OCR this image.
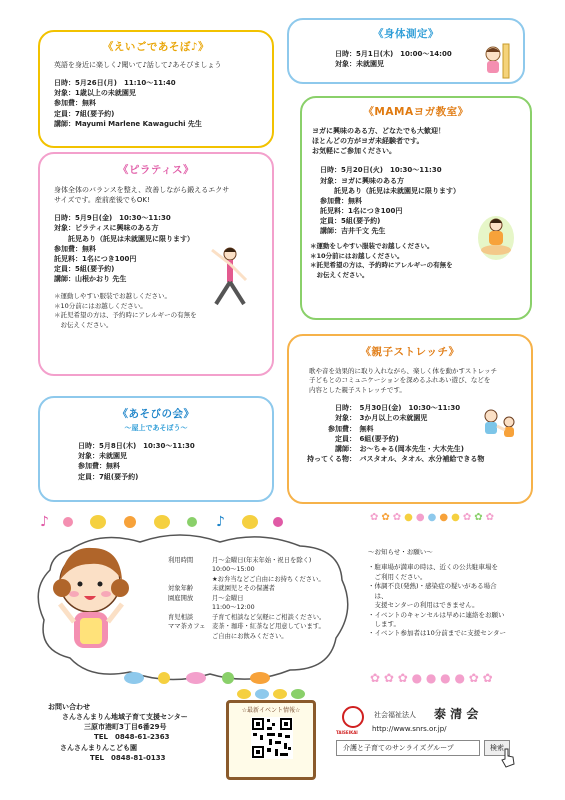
《えいごであそぼ♪》
英語を身近に楽しく♪聞いて♪話して♪あそびましょう
日時：5月26日(月)　11:10～11:40
対象：1歳以上の未就園児
参加費：無料
定員：7組(要予約)
講師：Mayumi Marlene Kawaguchi 先生
《身体測定》
日時：5月1日(木)　10:00～14:00
対象：未就園児
《ピラティス》
身体全体のバランスを整え、改善しながら鍛えるエクサ
サイズです。産前産後でもOK!
日時：5月9日(金)　10:30～11:30
対象：ピラティスに興味のある方
　　託児あり（託児は未就園児に限ります）
参加費：無料
託児料：1名につき100円
定員：5組(要予約)
講師：山根かおり 先生
＊運動しやすい服装でお越しください。
＊10分前にはお越しください。
＊託児希望の方は、予約時にアレルギーの有無を
　お伝えください。
《MAMAヨガ教室》
ヨガに興味のある方、どなたでも大歓迎！
ほとんどの方がヨガ未経験者です。
お気軽にご参加ください。
日時：5月20日(火)　10:30～11:30
対象：ヨガに興味のある方
　　託児あり（託児は未就園児に限ります）
参加費：無料
託児料：1名につき100円
定員：5組(要予約)
講師：吉井千文 先生
＊運動をしやすい服装でお越しください。
＊10分前にはお越しください。
＊託児希望の方は、予約時にアレルギーの有無を
　お伝えください。
《あそびの会》
～屋上であそぼう～
日時：5月8日(木)　10:30～11:30
対象：未就園児
参加費：無料
定員：7組(要予約)
《親子ストレッチ》
歌や音を効果的に取り入れながら、楽しく体を動かすストレッチ
子どもとのコミュニケーションを深めるふれあい遊び、などを
内容とした親子ストレッチです。
日時 ：　5月30日(金)　10:30～11:30
対象 ：　3か月以上の未就園児
参加費 ：　無料
定員 ：　6組(要予約)
講師 ：　お～ちゃる(岡本先生・大木先生)
持ってくる物 ：　バスタオル、タオル、水分補給できる物
♪	♪	✿ ✿ ✿ ● ● ● ● ● ✿ ✿ ✿
利用時間	月～金曜日(年末年始・祝日を除く)
10:00～15:00
★お弁当などご自由にお持ちください。
対象年齢	未就園児とその保護者
園庭開放	月～金曜日
11:00～12:00
育児相談	子育て相談など気軽にご相談ください。
ママ茶カフェ	麦茶・珈琲・紅茶など用意しています。
ご自由にお飲みください。
～お知らせ・お願い～
・駐車場が満車の時は、近くの公共駐車場を
　ご利用ください。
・体調不良(発熱)・感染症の疑いがある場合
　は、
　支援センターの利用はできません。
・イベントのキャンセルは早めに連絡をお願い
　します。
・イベント参加者は10分前までに支援センター
✿ ✿ ✿ ● ● ● ● ✿ ✿
お問い合わせ
さんさんまりん地域子育て支援センター
三原市港町3丁目6番29号
TEL　0848-61-2363
さんさんまりんこども園
TEL　0848-81-0133
☆最新イベント情報☆
TAISEIKAI
社会福祉法人 泰 清 会
http://www.snrs.or.jp/
介護と子育てのサンライズグループ	検索
